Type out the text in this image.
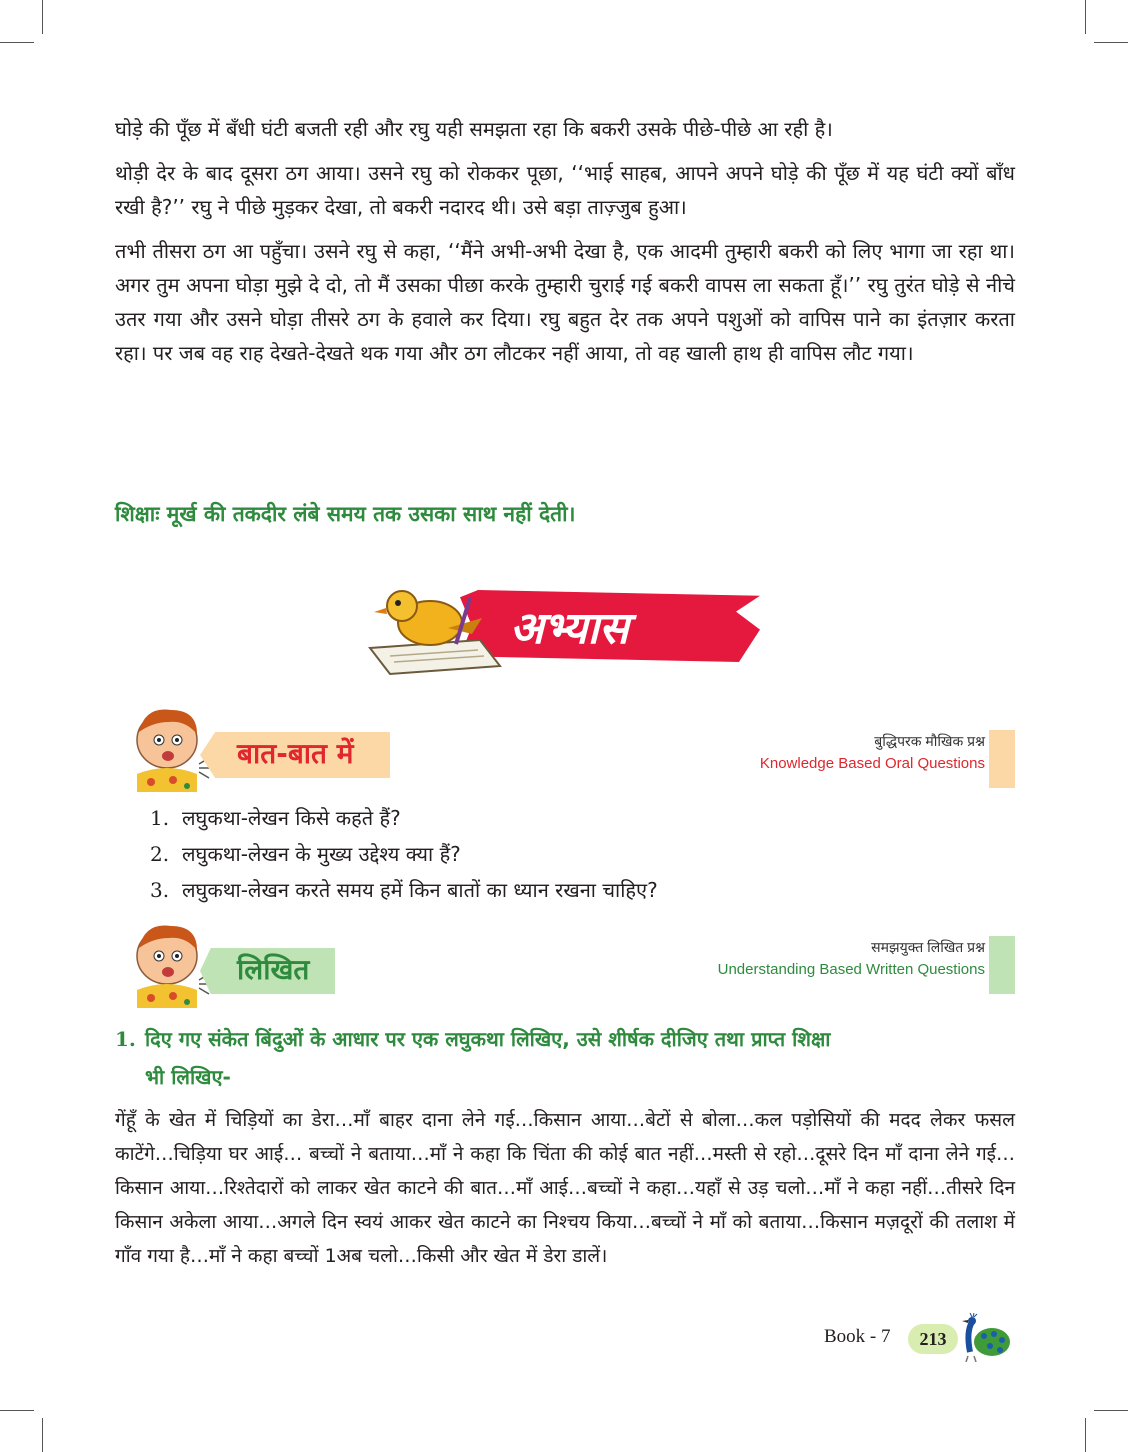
घोड़े की पूँछ में बँधी घंटी बजती रही और रघु यही समझता रहा कि बकरी उसके पीछे-पीछे आ रही है।

थोड़ी देर के बाद दूसरा ठग आया। उसने रघु को रोककर पूछा, ‘‘भाई साहब, आपने अपने घोड़े की पूँछ में यह घंटी क्यों बाँध रखी है?’’ रघु ने पीछे मुड़कर देखा, तो बकरी नदारद थी। उसे बड़ा ताज़्जुब हुआ।

तभी तीसरा ठग आ पहुँचा। उसने रघु से कहा, ‘‘मैंने अभी-अभी देखा है, एक आदमी तुम्हारी बकरी को लिए भागा जा रहा था। अगर तुम अपना घोड़ा मुझे दे दो, तो मैं उसका पीछा करके तुम्हारी चुराई गई बकरी वापस ला सकता हूँ।’’ रघु तुरंत घोड़े से नीचे उतर गया और उसने घोड़ा तीसरे ठग के हवाले कर दिया। रघु बहुत देर तक अपने पशुओं को वापिस पाने का इंतज़ार करता रहा। पर जब वह राह देखते-देखते थक गया और ठग लौटकर नहीं आया, तो वह खाली हाथ ही वापिस लौट गया।

शिक्षाः मूर्ख की तकदीर लंबे समय तक उसका साथ नहीं देती।
अभ्यास
बात-बात में	बुद्धिपरक मौखिक प्रश्न
Knowledge Based Oral Questions
1. लघुकथा-लेखन किसे कहते हैं?
2. लघुकथा-लेखन के मुख्य उद्देश्य क्या हैं?
3. लघुकथा-लेखन करते समय हमें किन बातों का ध्यान रखना चाहिए?
लिखित
समझयुक्त लिखित प्रश्न
Understanding Based Written Questions
1. दिए गए संकेत बिंदुओं के आधार पर एक लघुकथा लिखिए, उसे शीर्षक दीजिए तथा प्राप्त शिक्षा
भी लिखिए-
गेंहूँ के खेत में चिड़ियों का डेरा…माँ बाहर दाना लेने गई…किसान आया…बेटों से बोला…कल पड़ोसियों की मदद लेकर फसल काटेंगे…चिड़िया घर आई… बच्चों ने बताया…माँ ने कहा कि चिंता की कोई बात नहीं…मस्ती से रहो…दूसरे दिन माँ दाना लेने गई…किसान आया…रिश्तेदारों को लाकर खेत काटने की बात…माँ आई…बच्चों ने कहा…यहाँ से उड़ चलो…माँ ने कहा नहीं…तीसरे दिन किसान अकेला आया…अगले दिन स्वयं आकर खेत काटने का निश्चय किया…बच्चों ने माँ को बताया…किसान मज़दूरों की तलाश में गाँव गया है…माँ ने कहा बच्चों 1अब चलो…किसी और खेत में डेरा डालें।
Book - 7	213
